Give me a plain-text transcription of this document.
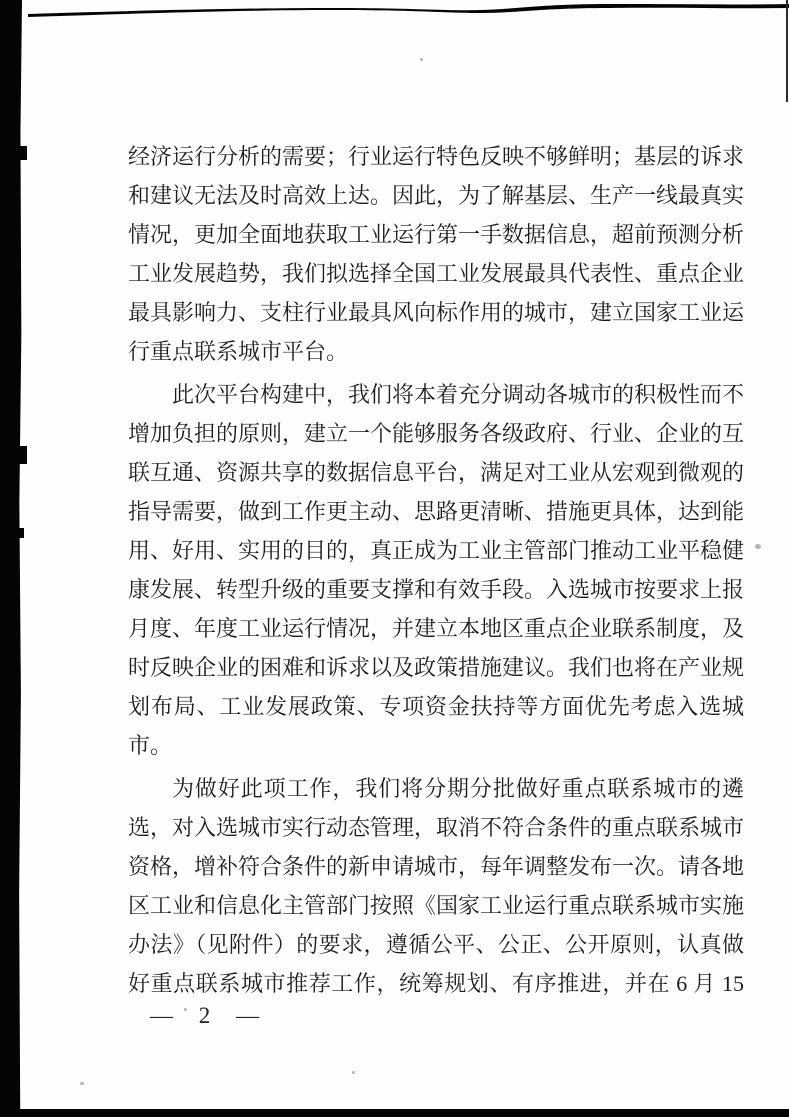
经济运行分析的需要；行业运行特色反映不够鲜明；基层的诉求
和建议无法及时高效上达。因此，为了解基层、生产一线最真实
情况，更加全面地获取工业运行第一手数据信息，超前预测分析
工业发展趋势，我们拟选择全国工业发展最具代表性、重点企业
最具影响力、支柱行业最具风向标作用的城市，建立国家工业运
行重点联系城市平台。
此次平台构建中，我们将本着充分调动各城市的积极性而不
增加负担的原则，建立一个能够服务各级政府、行业、企业的互
联互通、资源共享的数据信息平台，满足对工业从宏观到微观的
指导需要，做到工作更主动、思路更清晰、措施更具体，达到能
用、好用、实用的目的，真正成为工业主管部门推动工业平稳健
康发展、转型升级的重要支撑和有效手段。入选城市按要求上报
月度、年度工业运行情况，并建立本地区重点企业联系制度，及
时反映企业的困难和诉求以及政策措施建议。我们也将在产业规
划布局、工业发展政策、专项资金扶持等方面优先考虑入选城
市。
为做好此项工作，我们将分期分批做好重点联系城市的遴
选，对入选城市实行动态管理，取消不符合条件的重点联系城市
资格，增补符合条件的新申请城市，每年调整发布一次。请各地
区工业和信息化主管部门按照《国家工业运行重点联系城市实施
办法》（见附件）的要求，遵循公平、公正、公开原则，认真做
好重点联系城市推荐工作，统筹规划、有序推进，并在 6 月 15
— 2 —
